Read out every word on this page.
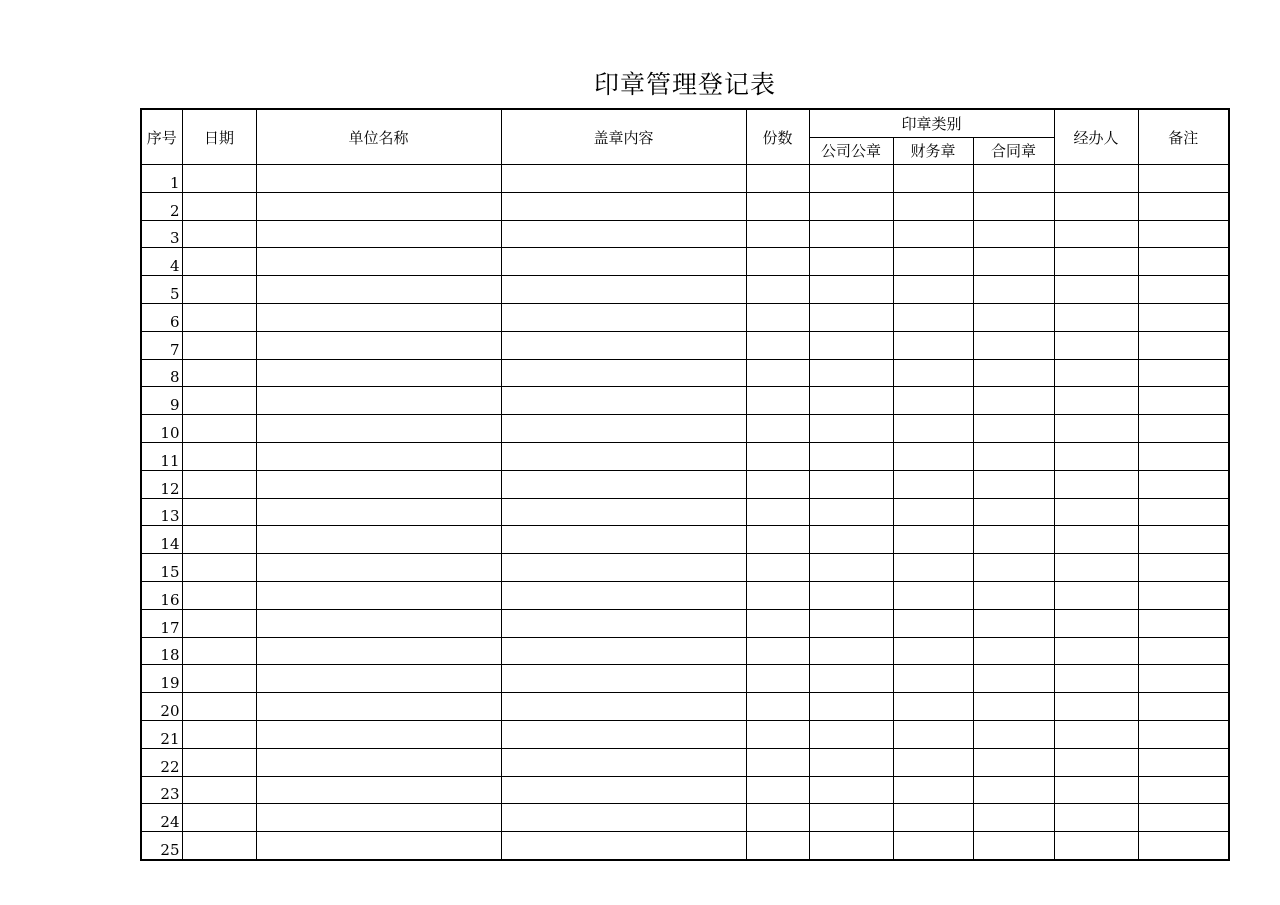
印章管理登记表
序号	日期	单位名称	盖章内容	份数	印章类别			经办人	备注
					公司公章	财务章	合同章		
1									
2									
3									
4									
5									
6									
7									
8									
9									
10									
11									
12									
13									
14									
15									
16									
17									
18									
19									
20									
21									
22									
23									
24									
25									
